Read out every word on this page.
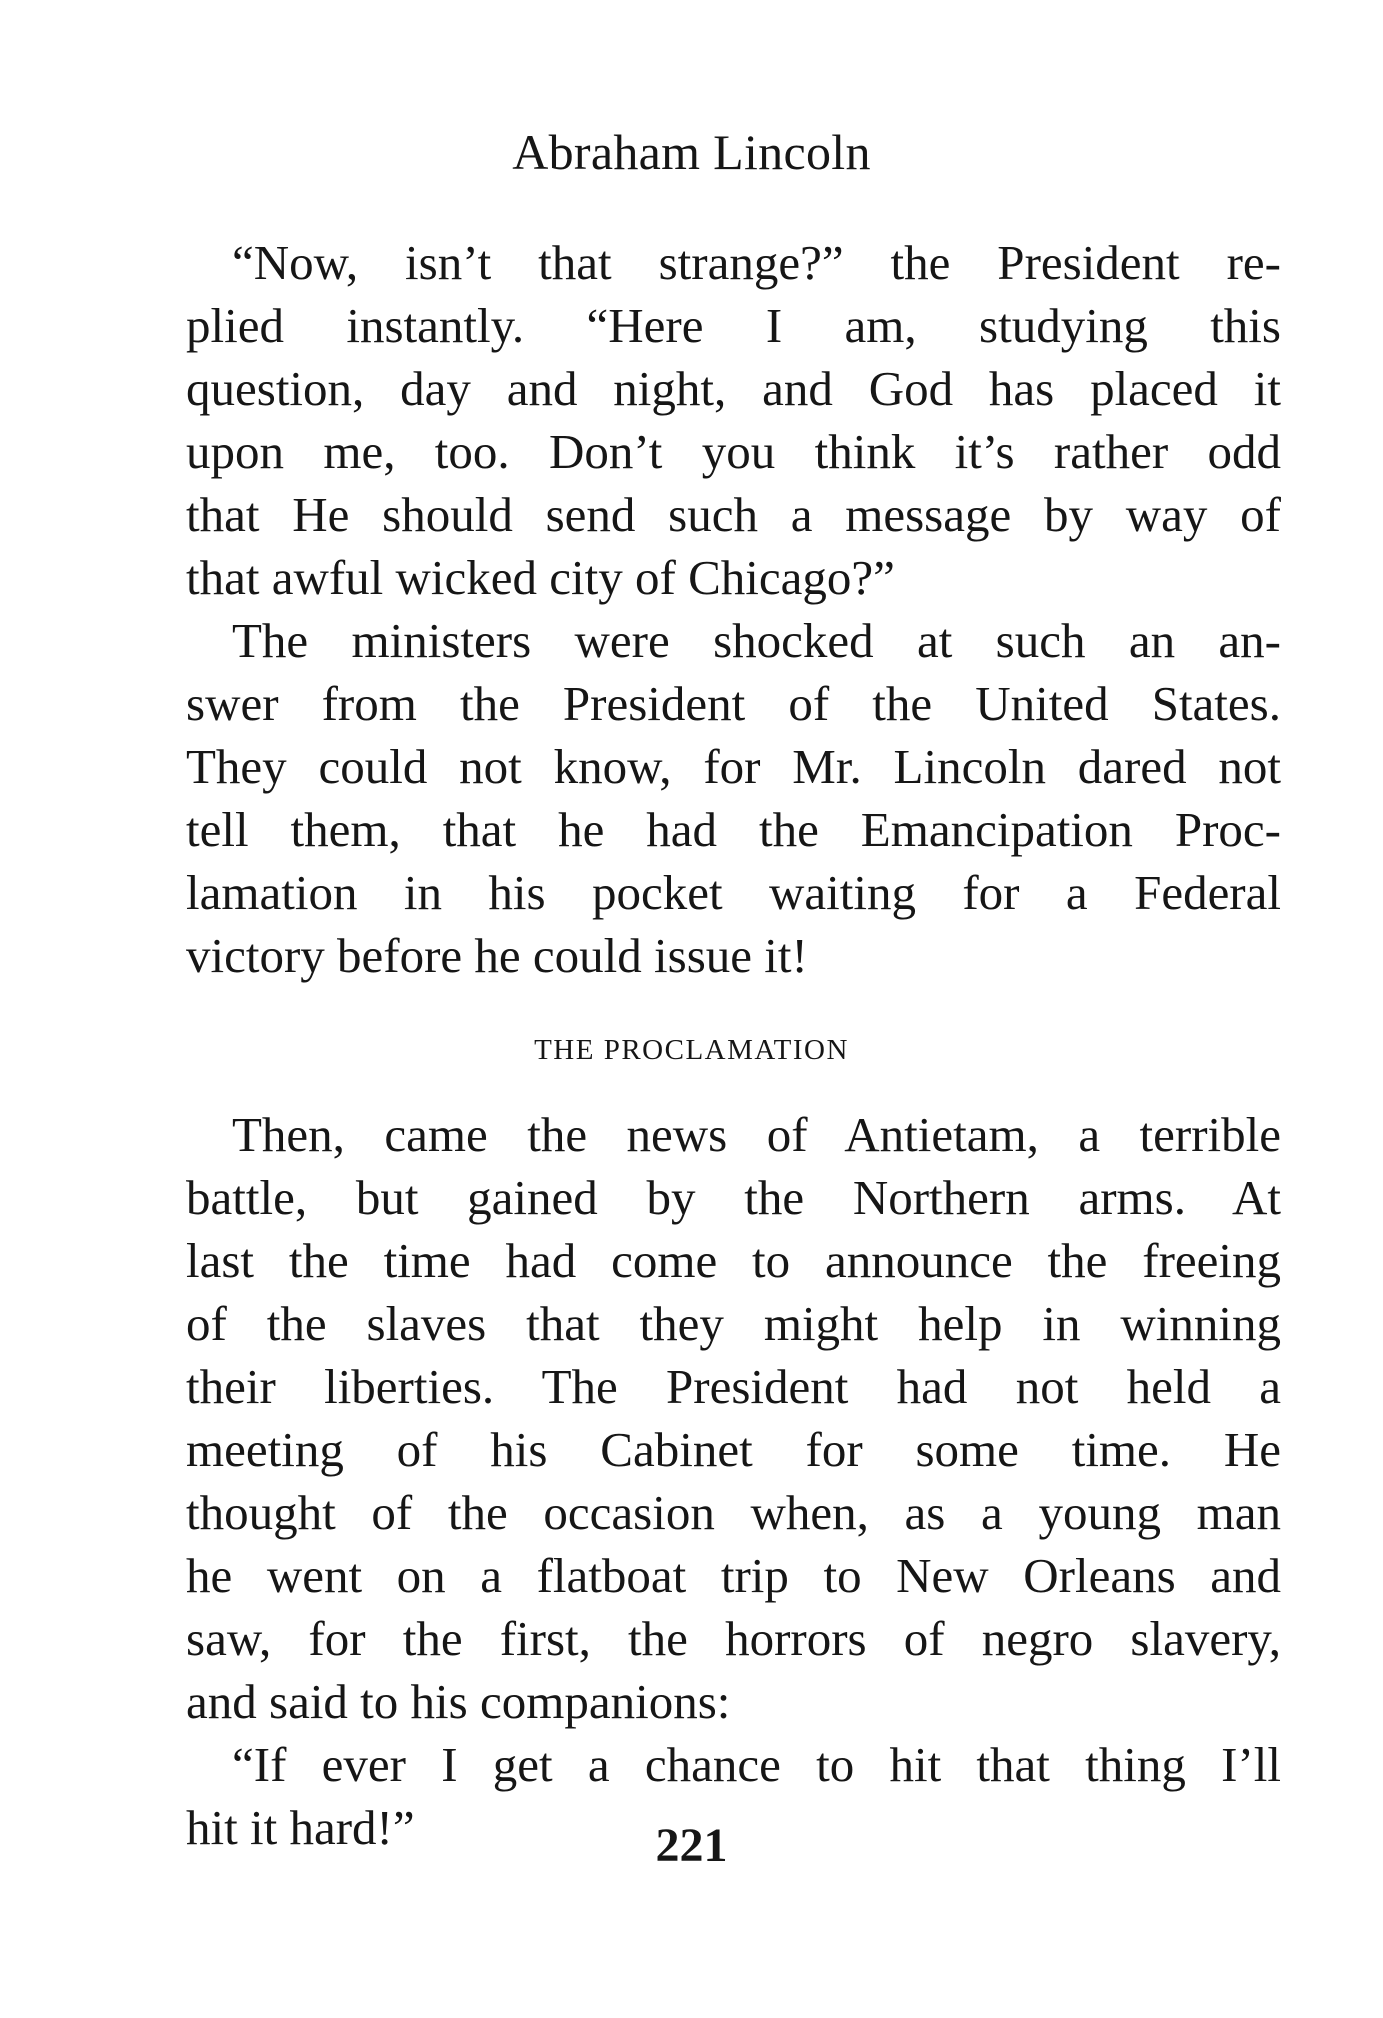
Abraham Lincoln
“Now, isn’t that strange?” the President re-
plied instantly. “Here I am, studying this
question, day and night, and God has placed it
upon me, too. Don’t you think it’s rather odd
that He should send such a message by way of
that awful wicked city of Chicago?”
The ministers were shocked at such an an-
swer from the President of the United States.
They could not know, for Mr. Lincoln dared not
tell them, that he had the Emancipation Proc-
lamation in his pocket waiting for a Federal
victory before he could issue it!
THE PROCLAMATION
Then, came the news of Antietam, a terrible
battle, but gained by the Northern arms. At
last the time had come to announce the freeing
of the slaves that they might help in winning
their liberties. The President had not held a
meeting of his Cabinet for some time. He
thought of the occasion when, as a young man
he went on a flatboat trip to New Orleans and
saw, for the first, the horrors of negro slavery,
and said to his companions:
“If ever I get a chance to hit that thing I’ll
hit it hard!”	221
